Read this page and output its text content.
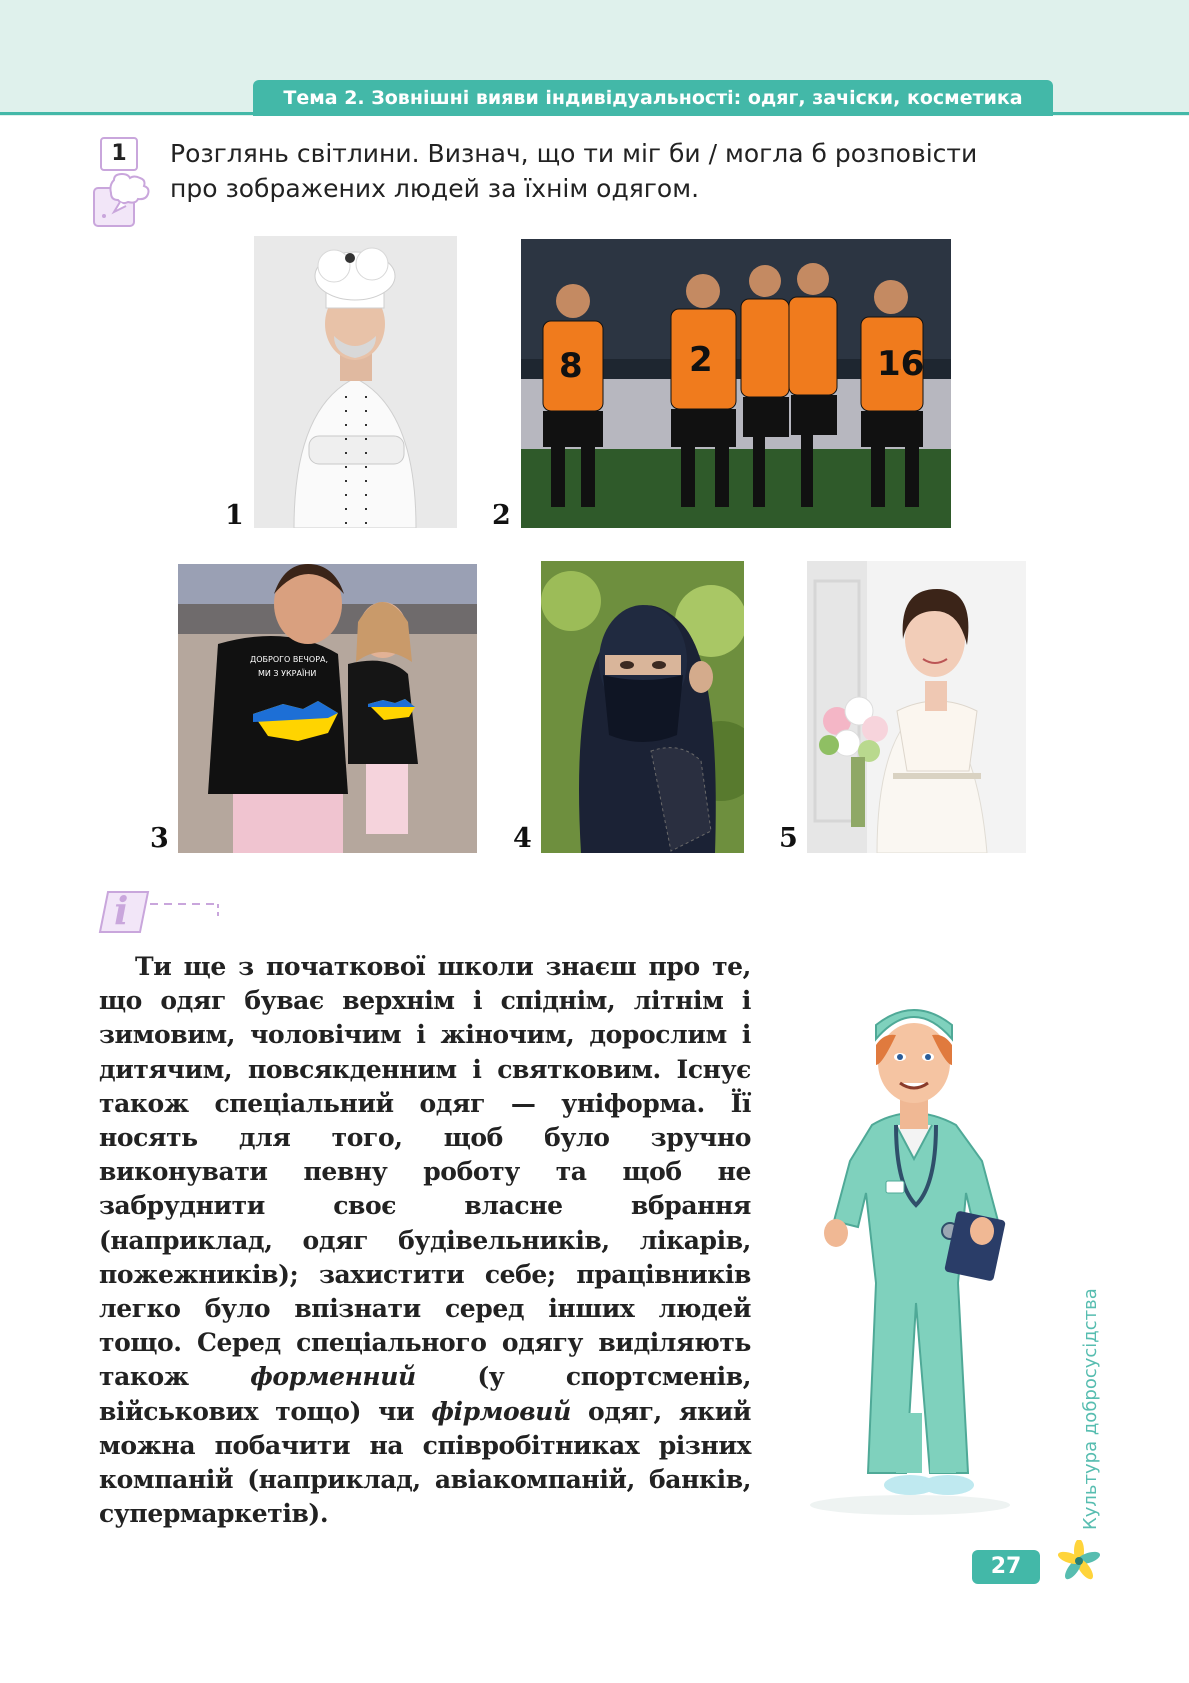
Тема 2. Зовнішні вияви індивідуальності: одяг, зачіски, косметика
1	Розглянь світлини. Визнач, що ти міг би / могла б розповісти
про зображених людей за їхнім одягом.

1
8	2	16
2
ДОБРОГО ВЕЧОРА,
МИ З УКРАЇНИ
3	4	5
i

Ти ще з початкової школи знаєш про те, що одяг буває верхнім і спіднім, літнім і зимовим, чоловічим і жіночим, дорослим і дитячим, повсякденним і святковим. Існує також спеціальний одяг — уніформа. Її носять для того, щоб було зручно виконувати певну роботу та щоб не забруднити своє власне вбрання (наприклад, одяг будівельників, лікарів, пожежників); захистити себе; працівників легко було впізнати серед інших людей тощо. Серед спеціального одягу виділяють також форменний (у спортсменів, військових тощо) чи фірмовий одяг, який можна побачити на співробітниках різних компаній (наприклад, авіакомпаній, банків, супермаркетів).	Культура добросусідства
27
